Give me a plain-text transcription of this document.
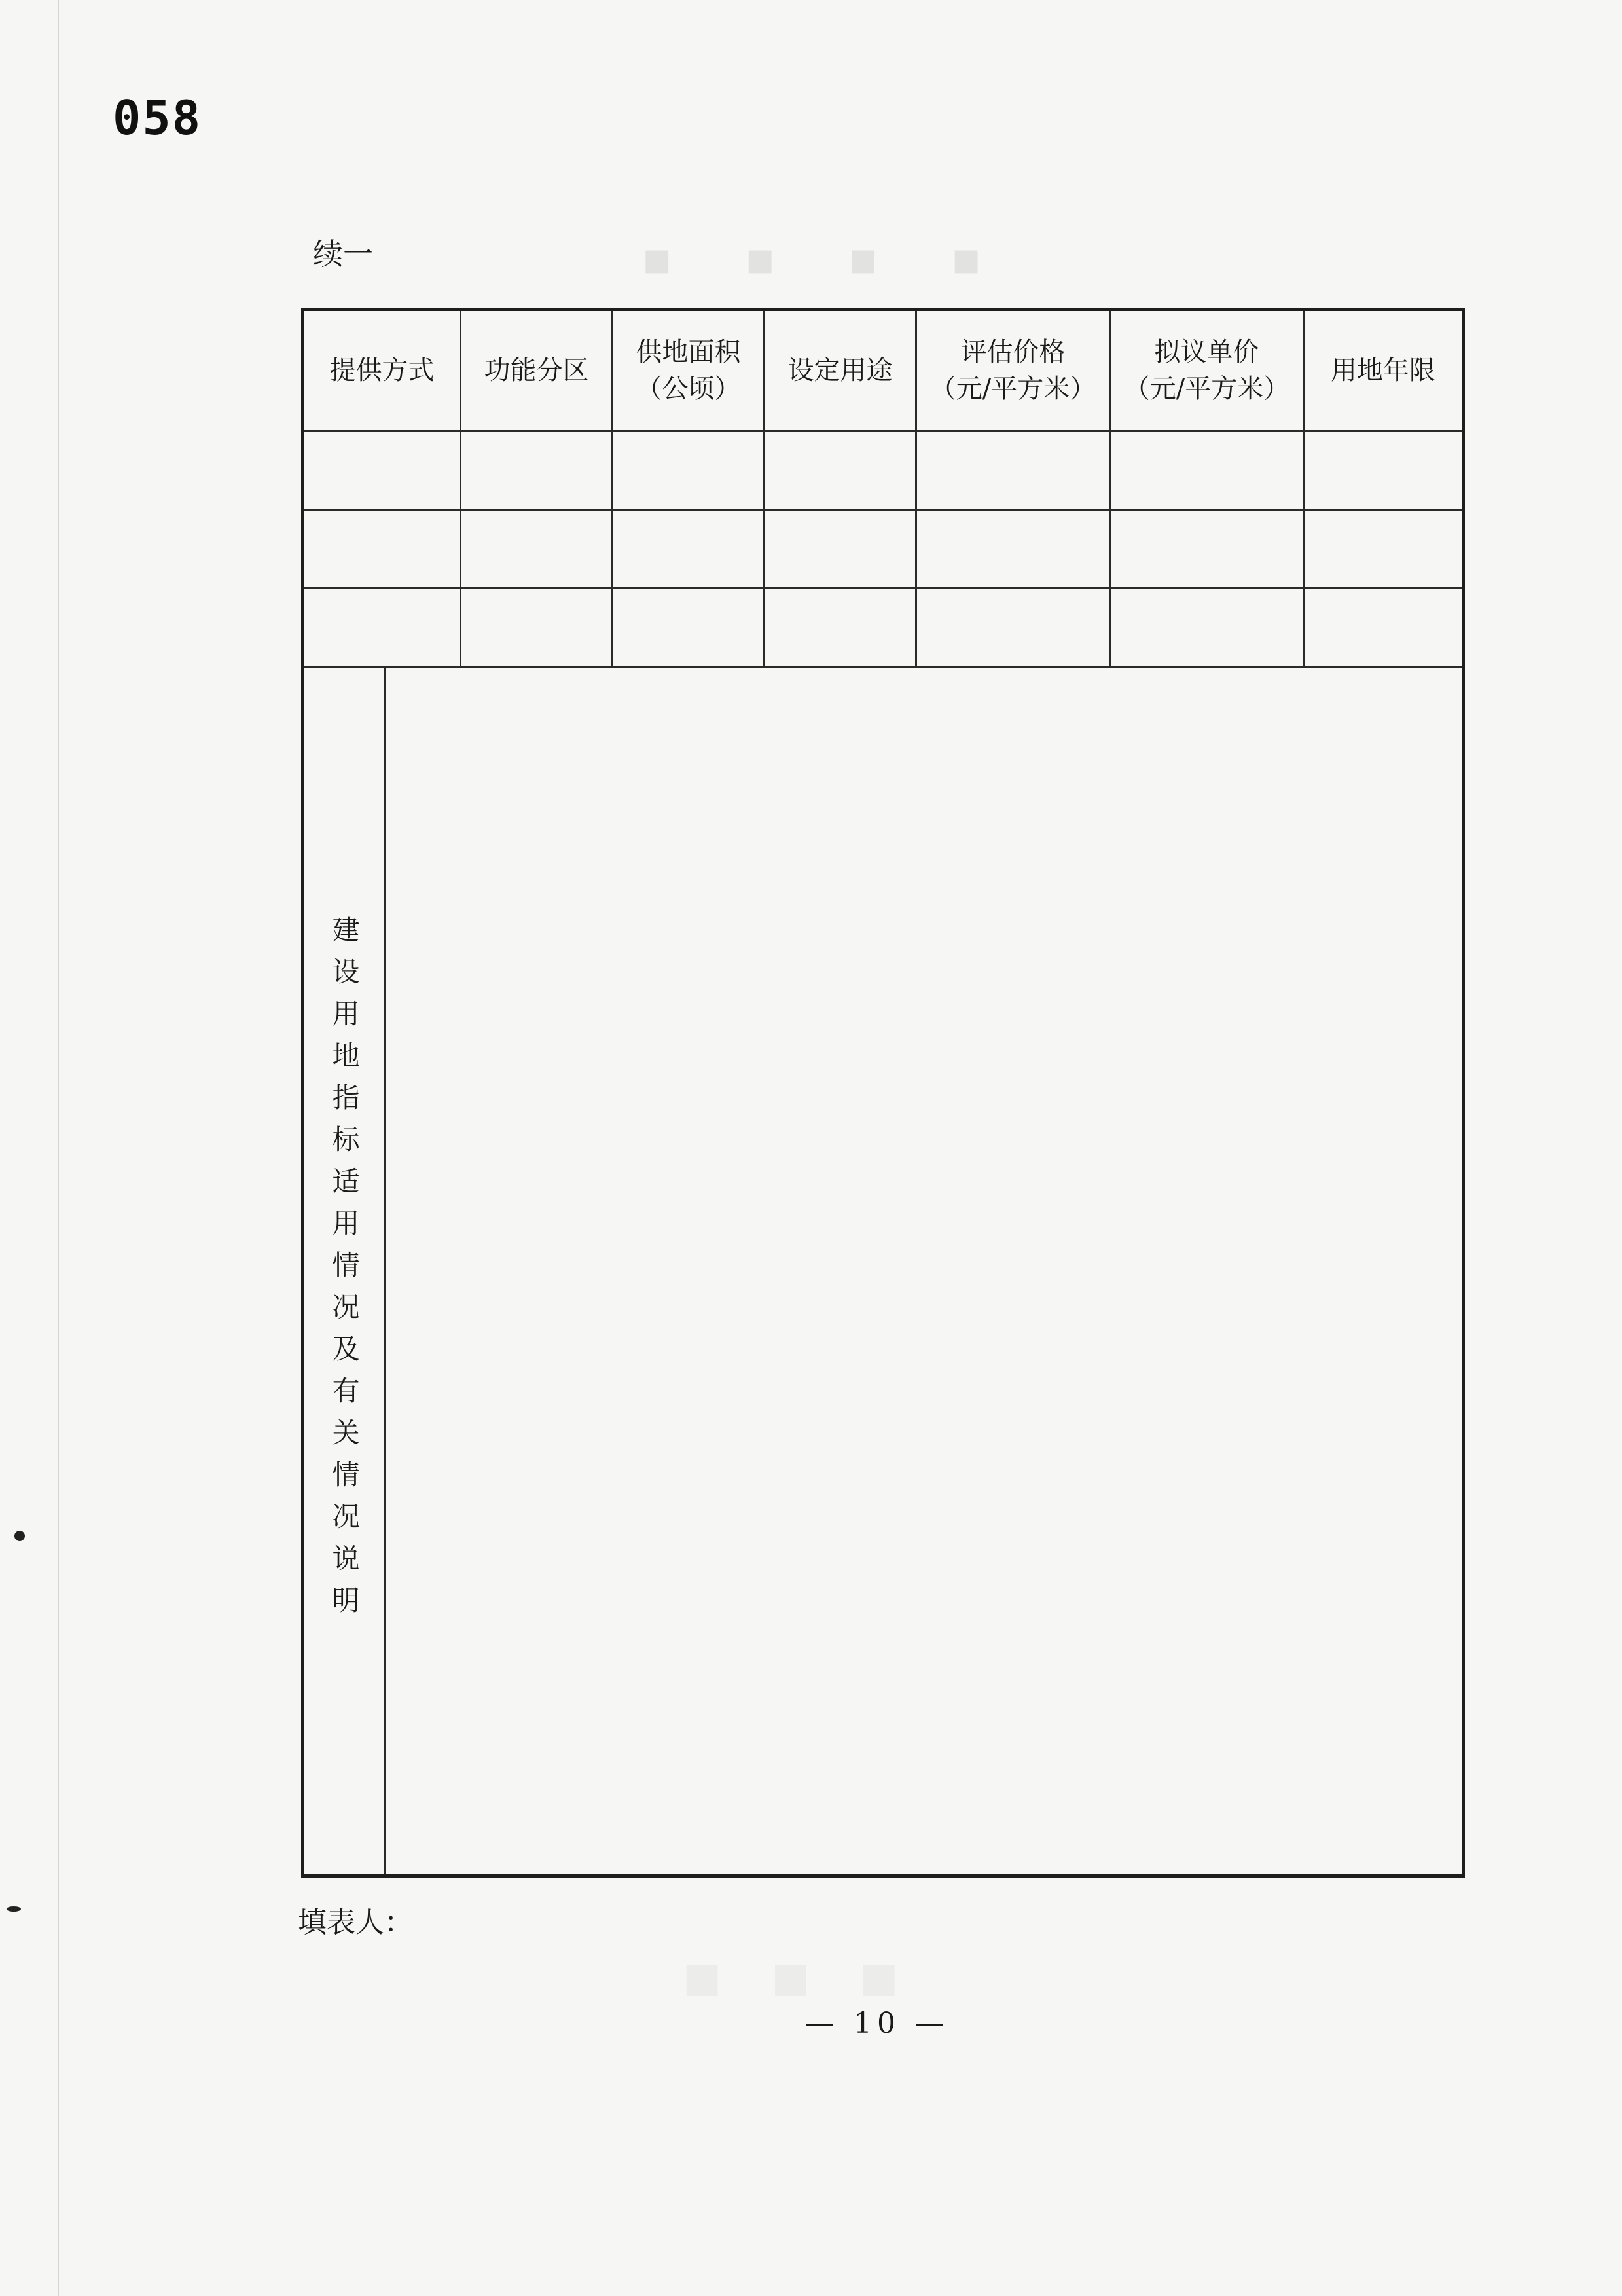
058
▪▪▪▪
续一
提供方式 功能分区
供地面积
（公顷）
设定用途
评估价格
（元/平方米）
拟议单价
（元/平方米）
用地年限
建设用地指标适用情况及有关情况说明
填表人：
▪▪▪
— 10 —
